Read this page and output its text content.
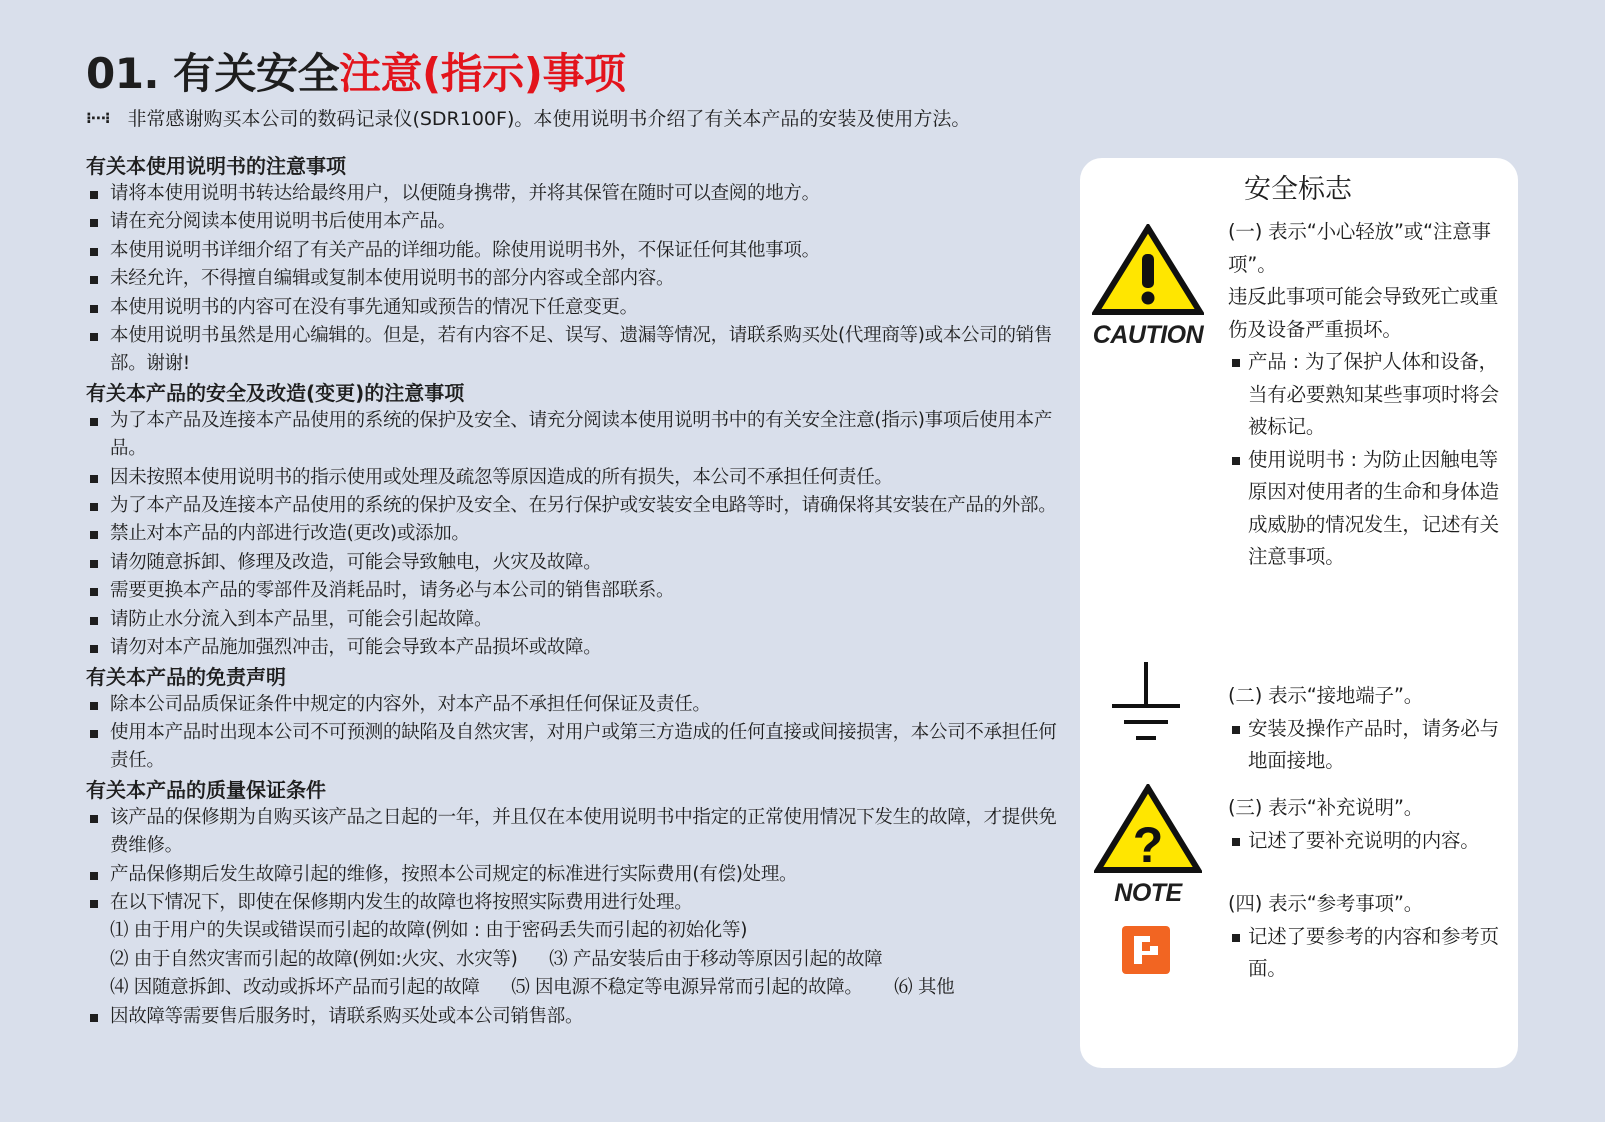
01. 有关安全注意(指示)事项
⁝⋯⁝ 非常感谢购买本公司的数码记录仪(SDR100F)。本使用说明书介绍了有关本产品的安装及使用方法。
有关本使用说明书的注意事项
请将本使用说明书转达给最终用户，以便随身携带，并将其保管在随时可以查阅的地方。
请在充分阅读本使用说明书后使用本产品。
本使用说明书详细介绍了有关产品的详细功能。除使用说明书外，不保证任何其他事项。
未经允许，不得擅自编辑或复制本使用说明书的部分内容或全部内容。
本使用说明书的内容可在没有事先通知或预告的情况下任意变更。
本使用说明书虽然是用心编辑的。但是，若有内容不足、误写、遗漏等情况，请联系购买处(代理商等)或本公司的销售部。谢谢!
有关本产品的安全及改造(变更)的注意事项
为了本产品及连接本产品使用的系统的保护及安全、请充分阅读本使用说明书中的有关安全注意(指示)事项后使用本产品。
因未按照本使用说明书的指示使用或处理及疏忽等原因造成的所有损失，本公司不承担任何责任。
为了本产品及连接本产品使用的系统的保护及安全、在另行保护或安装安全电路等时，请确保将其安装在产品的外部。
禁止对本产品的内部进行改造(更改)或添加。
请勿随意拆卸、修理及改造，可能会导致触电，火灾及故障。
需要更换本产品的零部件及消耗品时，请务必与本公司的销售部联系。
请防止水分流入到本产品里，可能会引起故障。
请勿对本产品施加强烈冲击，可能会导致本产品损坏或故障。
有关本产品的免责声明
除本公司品质保证条件中规定的内容外，对本产品不承担任何保证及责任。
使用本产品时出现本公司不可预测的缺陷及自然灾害，对用户或第三方造成的任何直接或间接损害，本公司不承担任何责任。
有关本产品的质量保证条件
该产品的保修期为自购买该产品之日起的一年，并且仅在本使用说明书中指定的正常使用情况下发生的故障，才提供免费维修。
产品保修期后发生故障引起的维修，按照本公司规定的标准进行实际费用(有偿)处理。
在以下情况下，即使在保修期内发生的故障也将按照实际费用进行处理。
⑴ 由于用户的失误或错误而引起的故障(例如 : 由于密码丢失而引起的初始化等)
⑵ 由于自然灾害而引起的故障(例如:火灾、水灾等) ⑶ 产品安装后由于移动等原因引起的故障
⑷ 因随意拆卸、改动或拆坏产品而引起的故障 ⑸ 因电源不稳定等电源异常而引起的故障。 ⑹ 其他
因故障等需要售后服务时，请联系购买处或本公司销售部。
安全标志
CAUTION

(一) 表示“小心轻放”或“注意事项”。

违反此事项可能会导致死亡或重伤及设备严重损坏。

产品 : 为了保护人体和设备，当有必要熟知某些事项时将会被标记。

使用说明书 : 为防止因触电等原因对使用者的生命和身体造成威胁的情况发生，记述有关注意事项。

(二) 表示“接地端子”。

安装及操作产品时，请务必与地面接地。

?
NOTE

(三) 表示“补充说明”。

记述了要补充说明的内容。

(四) 表示“参考事项”。

记述了要参考的内容和参考页面。
